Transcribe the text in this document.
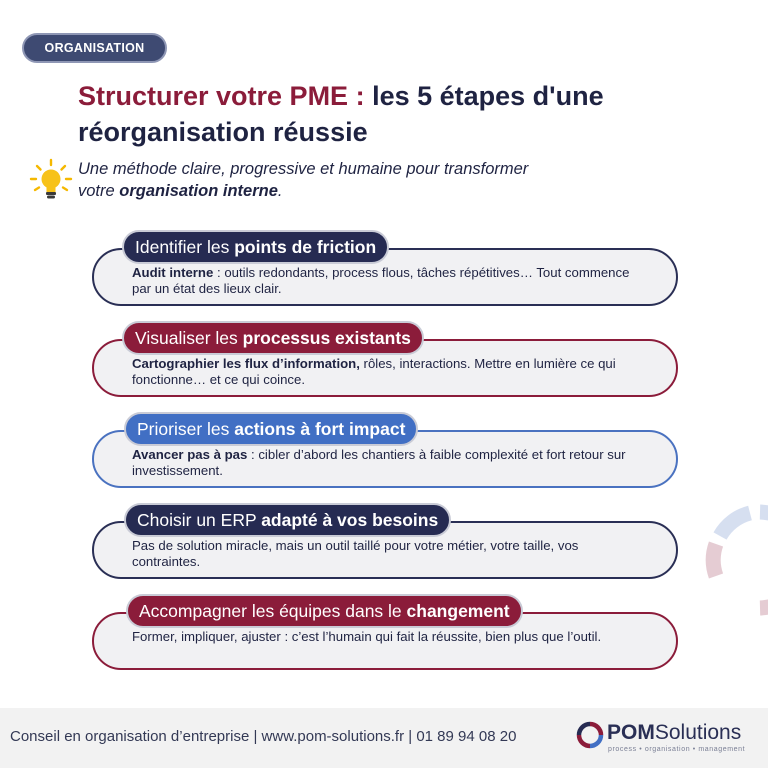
ORGANISATION
Structurer votre PME : les 5 étapes d'une
réorganisation réussie

Une méthode claire, progressive et humaine pour transformer
votre organisation interne.

Identifier les points de friction

Audit interne : outils redondants, process flous, tâches répétitives… Tout commence par un état des lieux clair.

Visualiser les processus existants

Cartographier les flux d’information, rôles, interactions. Mettre en lumière ce qui fonctionne… et ce qui coince.

Prioriser les actions à fort impact

Avancer pas à pas : cibler d’abord les chantiers à faible complexité et fort retour sur investissement.

Choisir un ERP adapté à vos besoins

Pas de solution miracle, mais un outil taillé pour votre métier, votre taille, vos contraintes.

Accompagner les équipes dans le changement

Former, impliquer, ajuster : c’est l’humain qui fait la réussite, bien plus que l’outil.

Conseil en organisation d’entreprise | www.pom-solutions.fr | 01 89 94 08 20	POMSolutions
process • organisation • management
